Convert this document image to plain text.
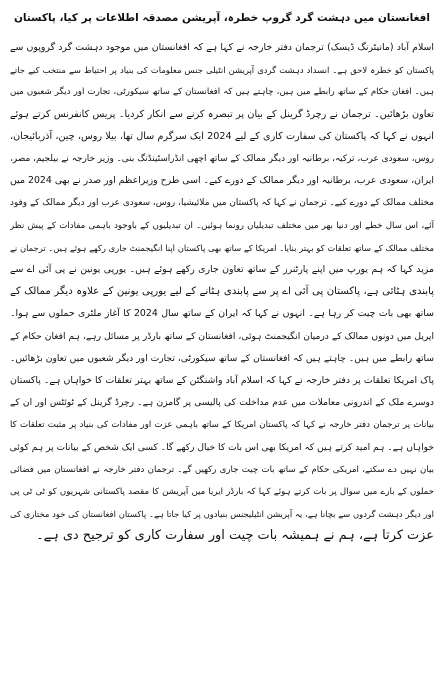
افغانستان میں دہشت گرد گروپ خطرہ، آپریشن مصدقہ اطلاعات پر کیا، پاکستان
اسلام آباد (مانیٹرنگ ڈیسک) ترجمان دفتر خارجہ نے کہا ہے کہ افغانستان میں موجود دہشت گرد گروپوں سے
پاکستان کو خطرہ لاحق ہے۔ انسداد دہشت گردی آپریشن انٹیلی جنس معلومات کی بنیاد پر احتیاط سے منتخب کیے جاتے
ہیں۔ افغان حکام کے ساتھ رابطے میں ہیں، چاہتے ہیں کہ افغانستان کے ساتھ سیکورٹی، تجارت اور دیگر شعبوں میں
تعاون بڑھائیں۔ ترجمان نے رچرڈ گرینل کے بیان پر تبصرہ کرنے سے انکار کردیا۔ پریس کانفرنس کرتے ہوئے
انہوں نے کہا کہ پاکستان کی سفارت کاری کے لیے 2024 ایک سرگرم سال تھا، بیلا روس، چین، آذربائیجان،
روس، سعودی عرب، ترکیہ، برطانیہ اور دیگر ممالک کے ساتھ اچھی انڈراسٹینڈنگ بنی۔ وزیر خارجہ نے بیلجیم، مصر،
ایران، سعودی عرب، برطانیہ اور دیگر ممالک کے دورے کیے۔ اسی طرح وزیراعظم اور صدر نے بھی 2024 میں
مختلف ممالک کے دورے کیے۔ ترجمان نے کہا کہ پاکستان میں ملائیشیا، روس، سعودی عرب اور دیگر ممالک کے وفود
آئے، اس سال خطے اور دنیا بھر میں مختلف تبدیلیاں رونما ہوئیں۔ ان تبدیلیوں کے باوجود باہمی مفادات کے پیش نظر
مختلف ممالک کے ساتھ تعلقات کو بہتر بنایا۔ امریکا کے ساتھ بھی پاکستان اپنا انگیجمنٹ جاری رکھے ہوئے ہیں۔ ترجمان نے
مزید کہا کہ ہم یورپ میں اپنے پارٹنرز کے ساتھ تعاون جاری رکھے ہوئے ہیں۔ یورپی یونین نے پی آئی اے سے
پابندی ہٹائی ہے، پاکستان پی آئی اے پر سے پابندی ہٹانے کے لیے یورپی یونین کے علاوہ دیگر ممالک کے
ساتھ بھی بات چیت کر رہا ہے۔ انہوں نے کہا کہ ایران کے ساتھ سال 2024 کا آغاز ملٹری حملوں سے ہوا۔
اپریل میں دونوں ممالک کے درمیان انگیجمنٹ ہوئی، افغانستان کے ساتھ بارڈر پر مسائل رہے، ہم افغان حکام کے
ساتھ رابطے میں ہیں۔ چاہتے ہیں کہ افغانستان کے ساتھ سیکورٹی، تجارت اور دیگر شعبوں میں تعاون بڑھائیں۔
پاک امریکا تعلقات پر دفتر خارجہ نے کہا کہ اسلام آباد واشنگٹن کے ساتھ بہتر تعلقات کا خواہاں ہے۔ پاکستان
دوسرے ملک کے اندرونی معاملات میں عدم مداخلت کی پالیسی پر گامزن ہے۔ رچرڈ گرینل کے ٹوئٹس اور ان کے
بیانات پر ترجمان دفتر خارجہ نے کہا کہ پاکستان امریکا کے ساتھ باہمی عزت اور مفادات کی بنیاد پر مثبت تعلقات کا
خواہاں ہے۔ ہم امید کرتے ہیں کہ امریکا بھی اس بات کا خیال رکھے گا۔ کسی ایک شخص کے بیانات پر ہم کوئی
بیان نہیں دے سکتے، امریکی حکام کے ساتھ بات چیت جاری رکھیں گے۔ ترجمان دفتر خارجہ نے افغانستان میں فضائی
حملوں کے بارے میں سوال پر بات کرتے ہوئے کہا کہ بارڈر ایریا میں آپریشن کا مقصد پاکستانی شہریوں کو ٹی ٹی پی
اور دیگر دہشت گردوں سے بچانا ہے، یہ آپریشن انٹیلیجنس بنیادوں پر کیا جاتا ہے۔ پاکستان افغانستان کی خود مختاری کی
عزت کرتا ہے، ہم نے ہمیشہ بات چیت اور سفارت کاری کو ترجیح دی ہے۔
